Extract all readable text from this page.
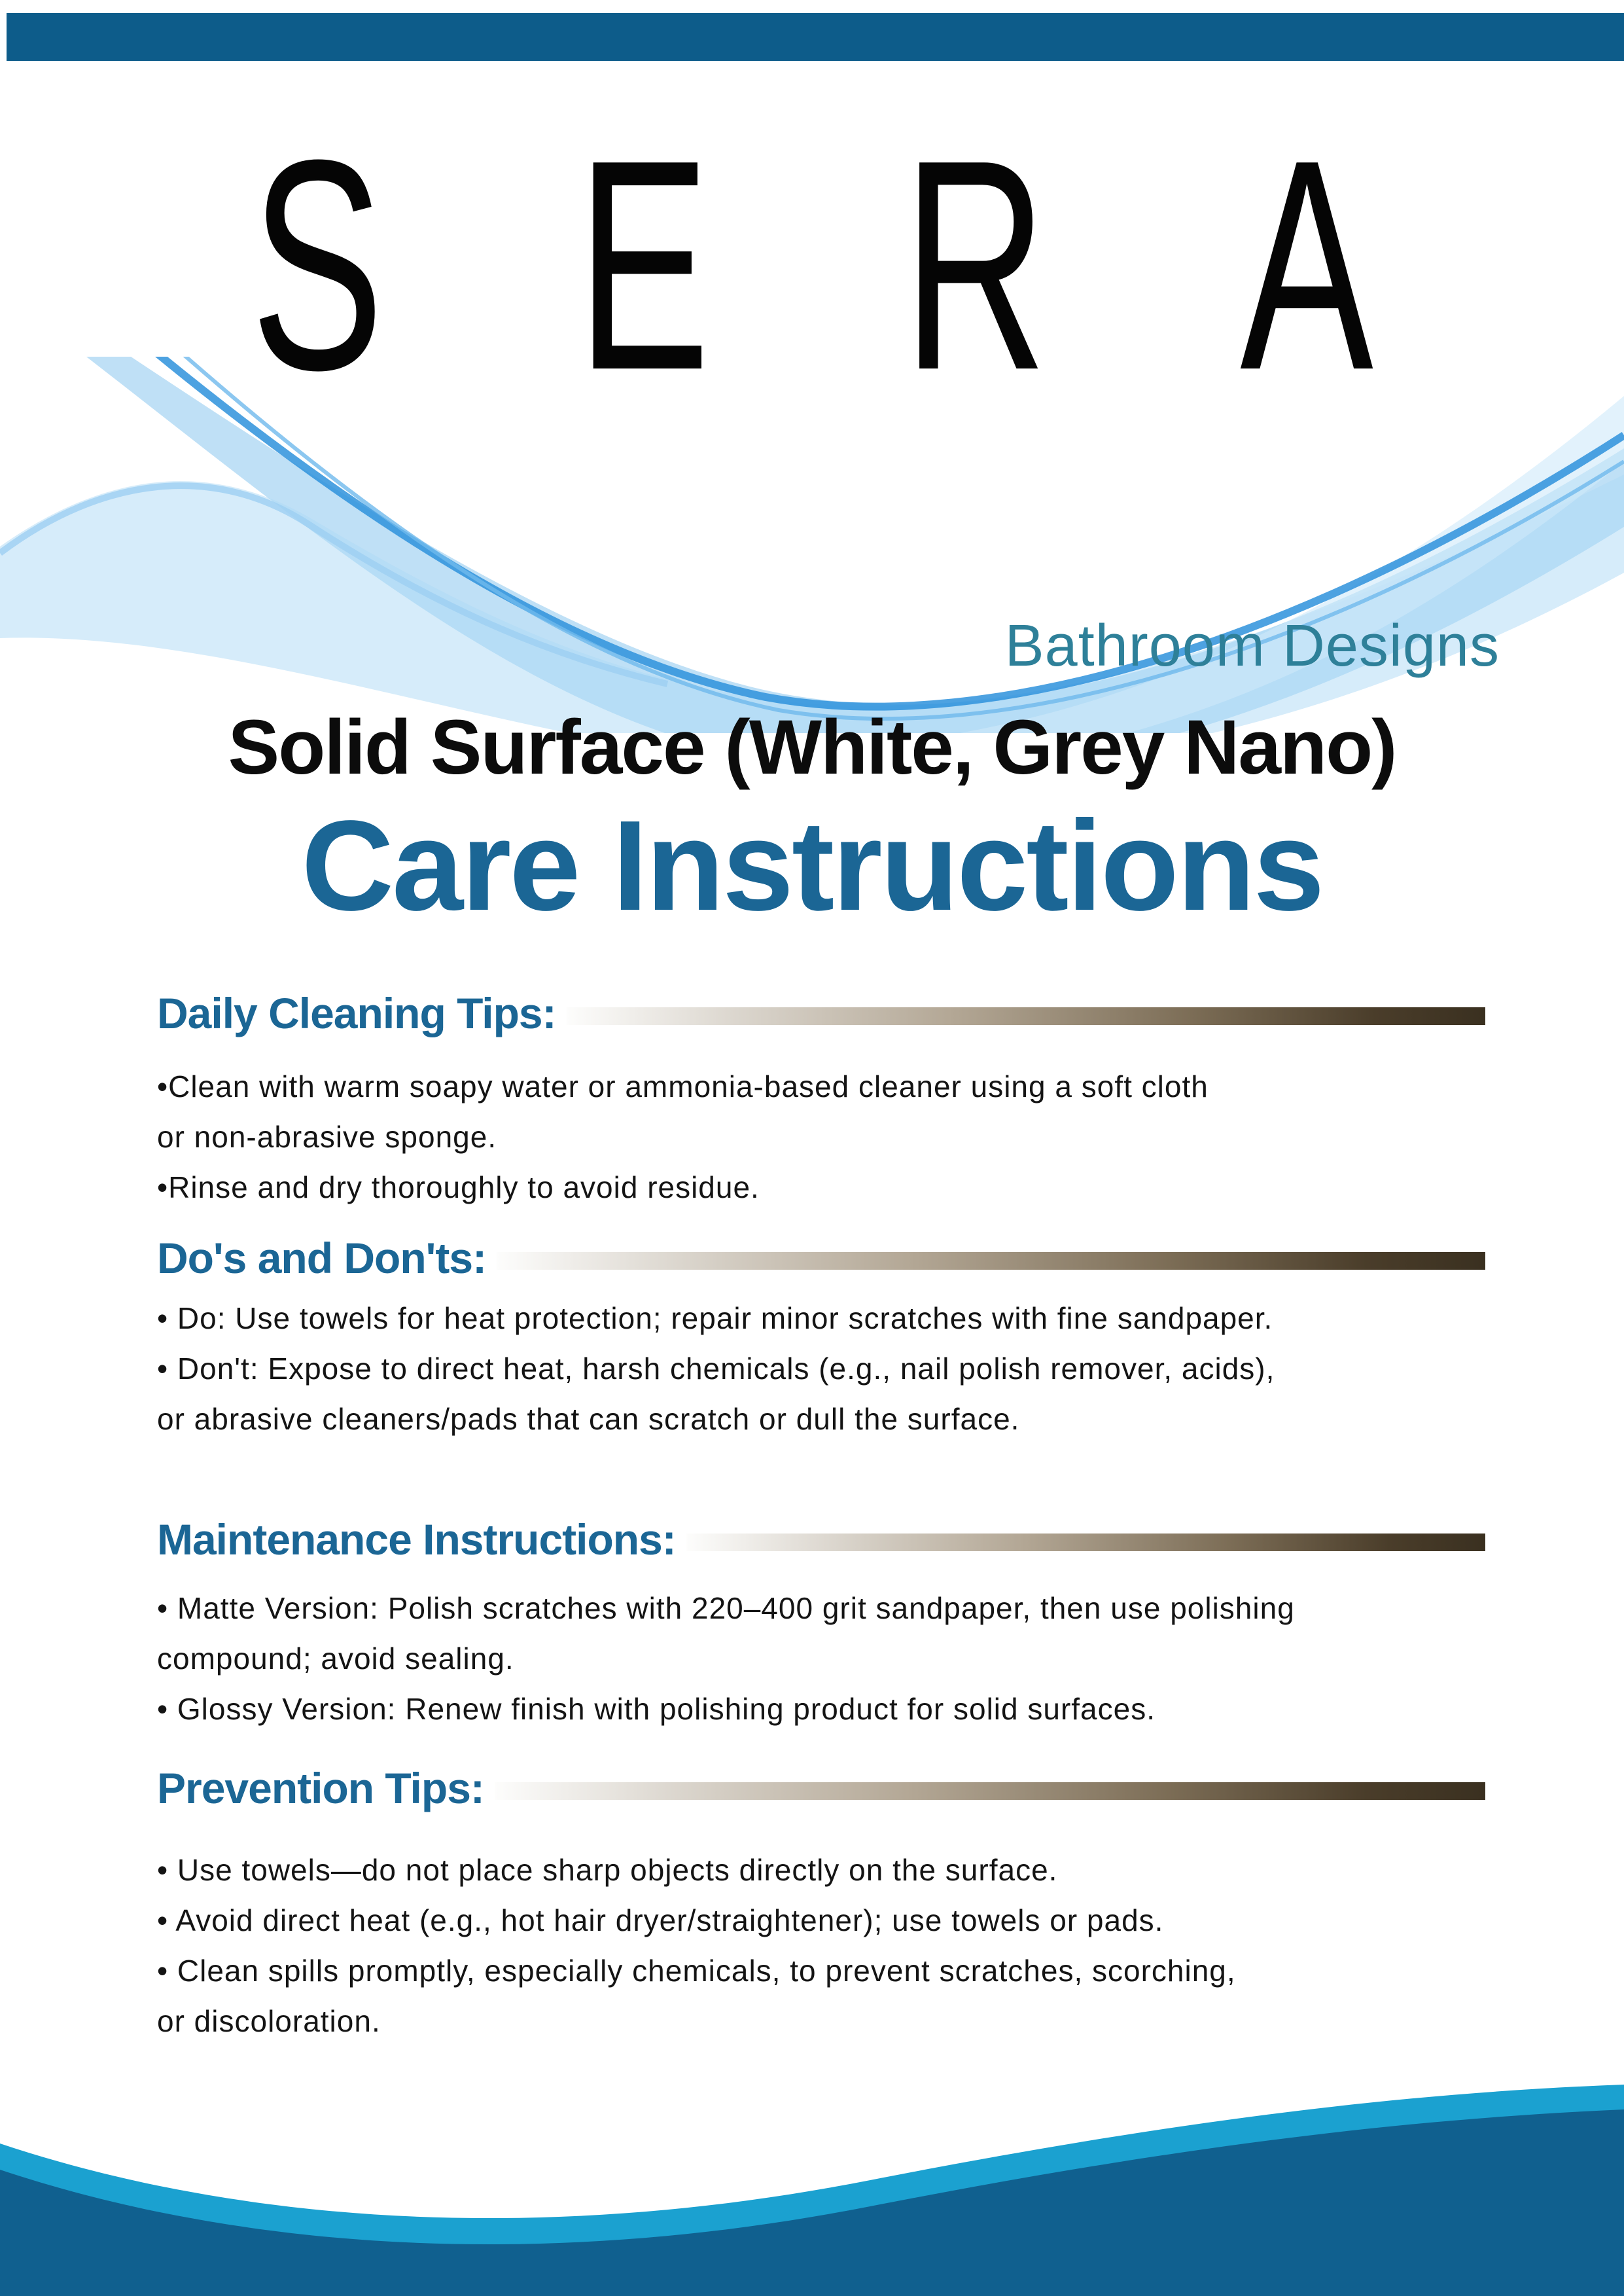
SERA
Bathroom Designs
Solid Surface (White, Grey Nano)
Care Instructions
Daily Cleaning Tips:
•Clean with warm soapy water or ammonia-based cleaner using a soft cloth
or non-abrasive sponge.
•Rinse and dry thoroughly to avoid residue.
Do's and Don'ts:
• Do: Use towels for heat protection; repair minor scratches with fine sandpaper.
• Don't: Expose to direct heat, harsh chemicals (e.g., nail polish remover, acids),
or abrasive cleaners/pads that can scratch or dull the surface.
Maintenance Instructions:
• Matte Version: Polish scratches with 220–400 grit sandpaper, then use polishing
compound; avoid sealing.
• Glossy Version: Renew finish with polishing product for solid surfaces.
Prevention Tips:
• Use towels—do not place sharp objects directly on the surface.
• Avoid direct heat (e.g., hot hair dryer/straightener); use towels or pads.
• Clean spills promptly, especially chemicals, to prevent scratches, scorching,
or discoloration.
